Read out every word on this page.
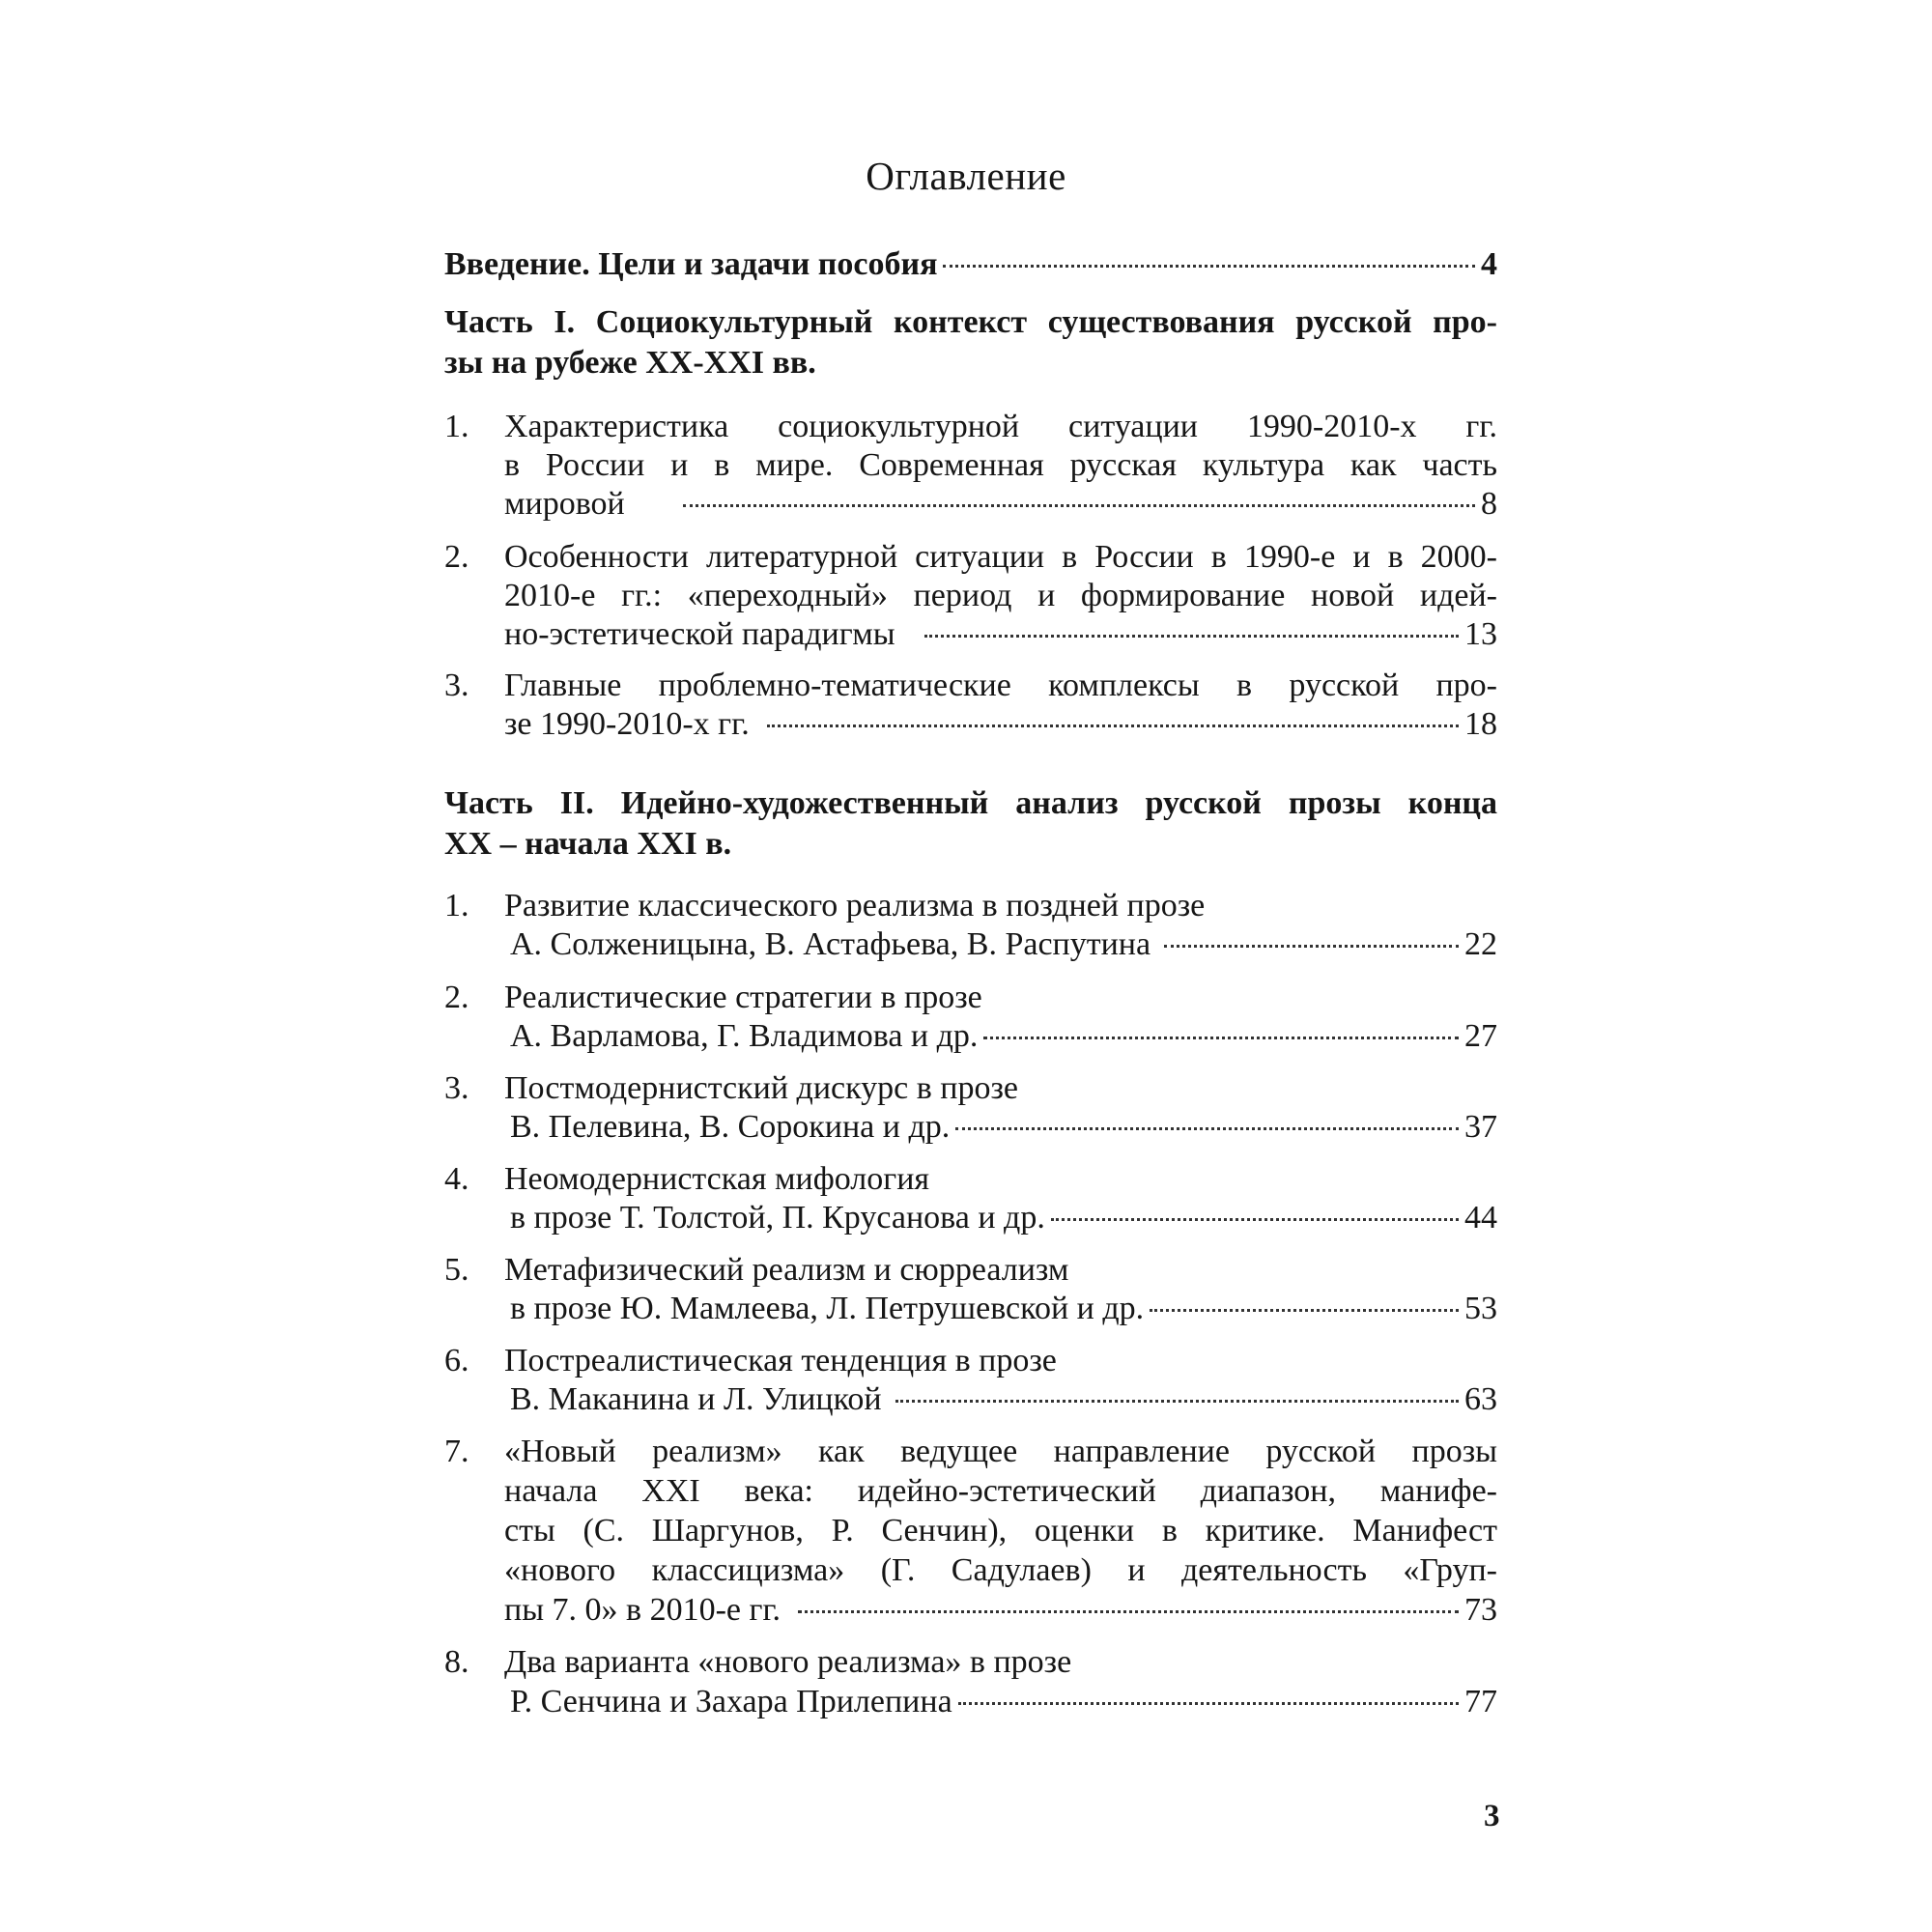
Оглавление
Введение. Цели и задачи пособия	4
Часть I. Социокультурный контекст существования русской про-
зы на рубеже XX-XXI вв.
1. Характеристика социокультурной ситуации 1990-2010-х гг.
в России и в мире. Современная русская культура как часть
мировой	8
2. Особенности литературной ситуации в России в 1990-е и в 2000-
2010-е гг.: «переходный» период и формирование новой идей-
но-эстетической парадигмы	13
3. Главные проблемно-тематические комплексы в русской про-
зе 1990-2010-х гг.	18
Часть II. Идейно-художественный анализ русской прозы конца
XX – начала XXI в.
1. Развитие классического реализма в поздней прозе
А. Солженицына, В. Астафьева, В. Распутина	22
2. Реалистические стратегии в прозе
А. Варламова, Г. Владимова и др.	27
3. Постмодернистский дискурс в прозе
В. Пелевина, В. Сорокина и др.	37
4. Неомодернистская мифология
в прозе Т. Толстой, П. Крусанова и др.	44
5. Метафизический реализм и сюрреализм
в прозе Ю. Мамлеева, Л. Петрушевской и др.	53
6. Постреалистическая тенденция в прозе
В. Маканина и Л. Улицкой	63
7. «Новый реализм» как ведущее направление русской прозы
начала XXI века: идейно-эстетический диапазон, манифе-
сты (С. Шаргунов, Р. Сенчин), оценки в критике. Манифест
«нового классицизма» (Г. Садулаев) и деятельность «Груп-
пы 7. 0» в 2010-е гг.	73
8. Два варианта «нового реализма» в прозе
Р. Сенчина и Захара Прилепина	77
3
